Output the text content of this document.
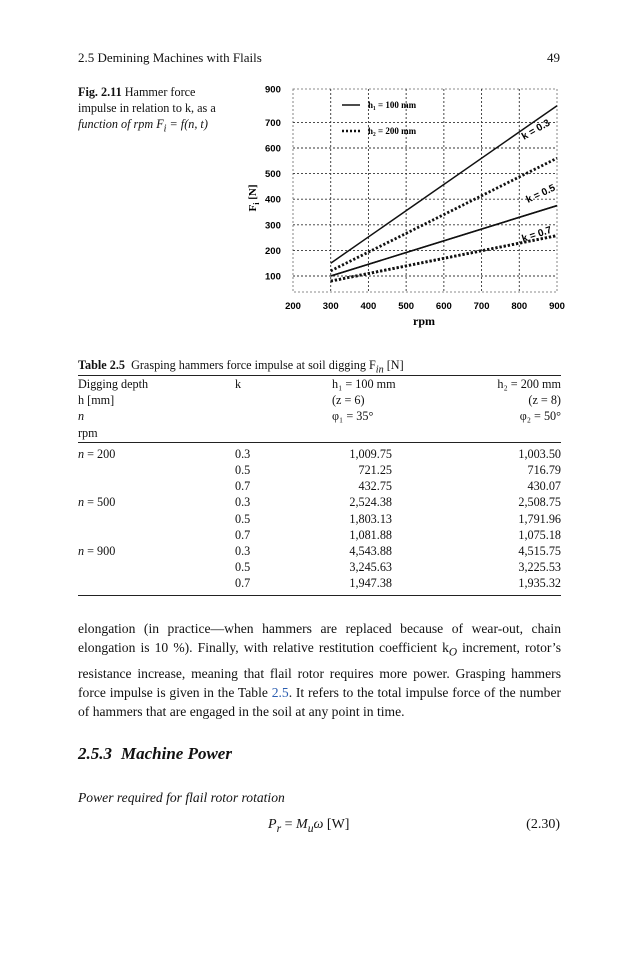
2.5 Demining Machines with Flails	49
Fig. 2.11 Hammer force
impulse in relation to k, as a
function of rpm $F_i = f(n$, t)
200 300 400 500 600 700 800 900
100
200
300
400
500
600
700
900
$F_i$ [N]
rpm
h₁ = 100 mm
h₂ = 200 mm	k = 0.3
k = 0.5
k = 0.7
Table 2.5 Grasping hammers force impulse at soil digging $F_{in}$ [N]
Digging depth	k	h₁ = 100 mm	h₂ = 200 mm
h [mm]		(z = 6)	(z = 8)
n		φ₁ = 35°	φ₂ = 50°
rpm			
n = 200	0.3	1,009.75	1,003.50
	0.5	721.25	716.79
	0.7	432.75	430.07
n = 500	0.3	2,524.38	2,508.75
	0.5	1,803.13	1,791.96
	0.7	1,081.88	1,075.18
n = 900	0.3	4,543.88	4,515.75
	0.5	3,245.63	3,225.53
	0.7	1,947.38	1,935.32
elongation (in practice—when hammers are replaced because of wear-out, chain elongation is 10 %). Finally, with relative restitution coefficient $k_O$ increment, rotor’s resistance increase, meaning that flail rotor requires more power. Grasping hammers force impulse is given in the Table 2.5. It refers to the total impulse force of the number of hammers that are engaged in the soil at any point in time.
2.5.3 Machine Power
Power required for flail rotor rotation
$P_r = M_u\omega$ [W]	(2.30)
